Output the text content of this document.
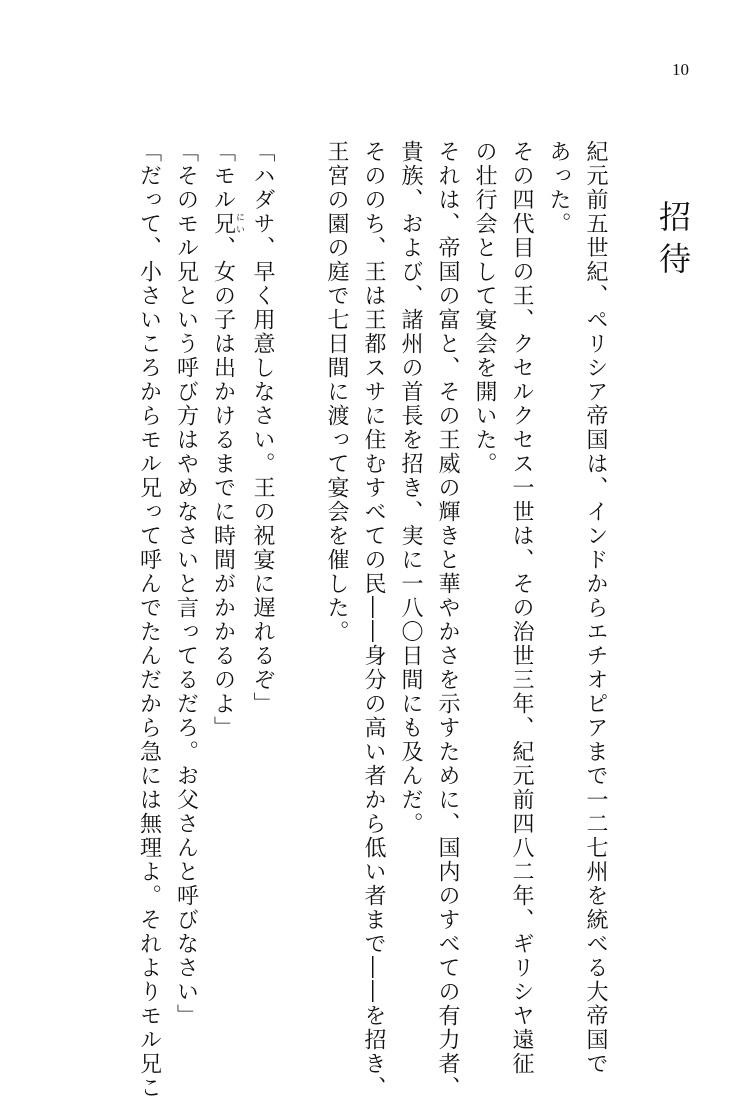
10
招待

紀元前五世紀、ペリシア帝国は、インドからエチオピアまで一二七州を統べる大帝国で

あった。

その四代目の王、クセルクセス一世は、その治世三年、紀元前四八二年、ギリシヤ遠征

の壮行会として宴会を開いた。

それは、帝国の富と、その王威の輝きと華やかさを示すために、国内のすべての有力者、

貴族、および、諸州の首長を招き、実に一八〇日間にも及んだ。

そののち、王は王都スサに住むすべての民――身分の高い者から低い者まで――を招き、

王宮の園の庭で七日間に渡って宴会を催した。

「ハダサ、早く用意しなさい。王の祝宴に遅れるぞ」

「モル兄にい、女の子は出かけるまでに時間がかかるのよ」

「そのモル兄という呼び方はやめなさいと言ってるだろ。お父さんと呼びなさい」

「だって、小さいころからモル兄って呼んでたんだから急には無理よ。それよりモル兄こ
